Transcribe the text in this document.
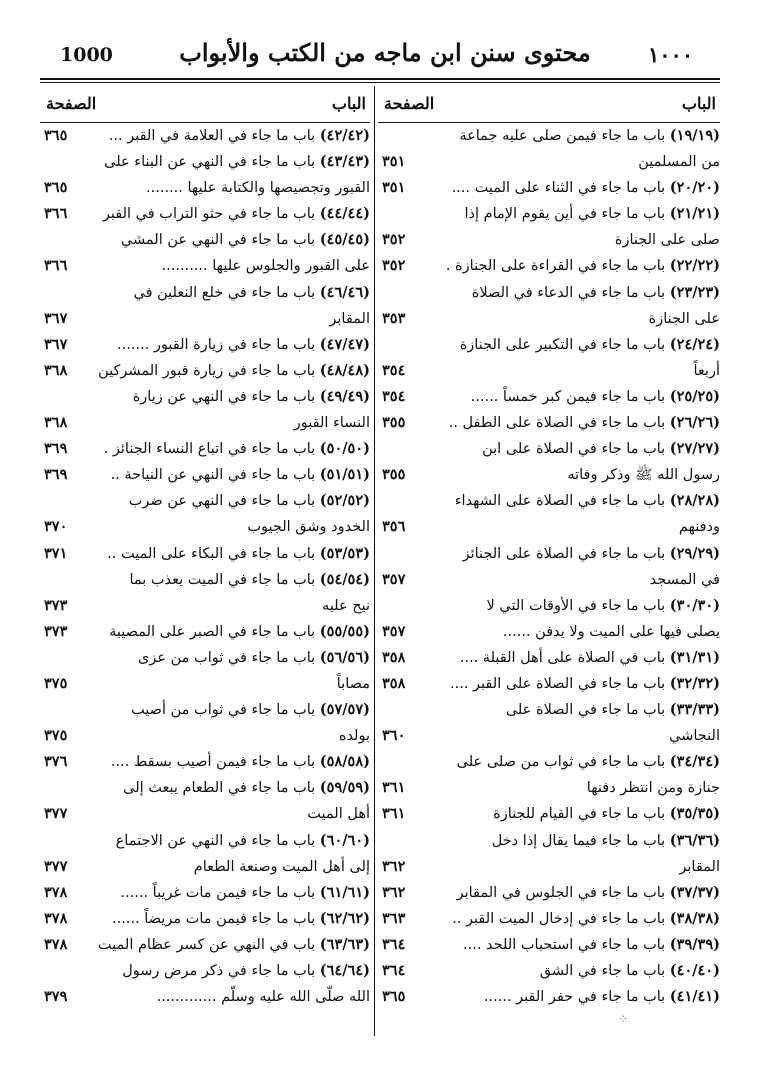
1000	محتوى سنن ابن ماجه من الكتب والأبواب	١٠٠٠
الباب
الصفحة
(١٩/١٩) باب ما جاء فيمن صلى عليه جماعة
من المسلمين
٣٥١
(٢٠/٢٠) باب ما جاء في الثناء على الميت ....
٣٥١
(٢١/٢١) باب ما جاء في أين يقوم الإمام إذا
صلى على الجنازة
٣٥٢
(٢٢/٢٢) باب ما جاء في القراءة على الجنازة .
٣٥٢
(٢٣/٢٣) باب ما جاء في الدعاء في الصلاة
على الجنازة
٣٥٣
(٢٤/٢٤) باب ما جاء في التكبير على الجنازة
أربعاً
٣٥٤
(٢٥/٢٥) باب ما جاء فيمن كبر خمساً ......
٣٥٤
(٢٦/٢٦) باب ما جاء في الصلاة على الطفل ..
٣٥٥
(٢٧/٢٧) باب ما جاء في الصلاة على ابن
رسول الله ﷺ وذكر وفاته
٣٥٥
(٢٨/٢٨) باب ما جاء في الصلاة على الشهداء
ودفنهم
٣٥٦
(٢٩/٢٩) باب ما جاء في الصلاة على الجنائز
في المسجد
٣٥٧
(٣٠/٣٠) باب ما جاء في الأوقات التي لا
يصلى فيها على الميت ولا يدفن ......
٣٥٧
(٣١/٣١) باب في الصلاة على أهل القبلة ....
٣٥٨
(٣٢/٣٢) باب ما جاء في الصلاة على القبر ....
٣٥٨
(٣٣/٣٣) باب ما جاء في الصلاة على
النجاشي
٣٦٠
(٣٤/٣٤) باب ما جاء في ثواب من صلى على
جنازة ومن انتظر دفنها
٣٦١
(٣٥/٣٥) باب ما جاء في القيام للجنازة
٣٦١
(٣٦/٣٦) باب ما جاء فيما يقال إذا دخل
المقابر
٣٦٢
(٣٧/٣٧) باب ما جاء في الجلوس في المقابر
٣٦٢
(٣٨/٣٨) باب ما جاء في إدخال الميت القبر ..
٣٦٣
(٣٩/٣٩) باب ما جاء في استحباب اللحد ....
٣٦٤
(٤٠/٤٠) باب ما جاء في الشق
٣٦٤
(٤١/٤١) باب ما جاء في حفر القبر ......
٣٦٥
الباب
الصفحة
(٤٢/٤٢) باب ما جاء في العلامة في القبر ...
٣٦٥
(٤٣/٤٣) باب ما جاء في النهي عن البناء على
القبور وتجصيصها والكتابة عليها ........
٣٦٥
(٤٤/٤٤) باب ما جاء في حثو التراب في القبر
٣٦٦
(٤٥/٤٥) باب ما جاء في النهي عن المشي
على القبور والجلوس عليها ..........
٣٦٦
(٤٦/٤٦) باب ما جاء في خلع النعلين في
المقابر
٣٦٧
(٤٧/٤٧) باب ما جاء في زيارة القبور .......
٣٦٧
(٤٨/٤٨) باب ما جاء في زيارة قبور المشركين
٣٦٨
(٤٩/٤٩) باب ما جاء في النهي عن زيارة
النساء القبور
٣٦٨
(٥٠/٥٠) باب ما جاء في اتباع النساء الجنائز .
٣٦٩
(٥١/٥١) باب ما جاء في النهي عن النياحة ..
٣٦٩
(٥٢/٥٢) باب ما جاء في النهي عن ضرب
الخدود وشق الجيوب
٣٧٠
(٥٣/٥٣) باب ما جاء في البكاء على الميت ..
٣٧١
(٥٤/٥٤) باب ما جاء في الميت يعذب بما
نيح عليه
٣٧٣
(٥٥/٥٥) باب ما جاء في الصبر على المصيبة
٣٧٣
(٥٦/٥٦) باب ما جاء في ثواب من عزى
مصاباً
٣٧٥
(٥٧/٥٧) باب ما جاء في ثواب من أصيب
بولده
٣٧٥
(٥٨/٥٨) باب ما جاء فيمن أصيب بسقط ....
٣٧٦
(٥٩/٥٩) باب ما جاء في الطعام يبعث إلى
أهل الميت
٣٧٧
(٦٠/٦٠) باب ما جاء في النهي عن الاجتماع
إلى أهل الميت وصنعة الطعام
٣٧٧
(٦١/٦١) باب ما جاء فيمن مات غريباً ......
٣٧٨
(٦٢/٦٢) باب ما جاء فيمن مات مريضاً ......
٣٧٨
(٦٣/٦٣) باب في النهي عن كسر عظام الميت
٣٧٨
(٦٤/٦٤) باب ما جاء في ذكر مرض رسول
الله صلّى الله عليه وسلّم .............
٣٧٩
⁘
